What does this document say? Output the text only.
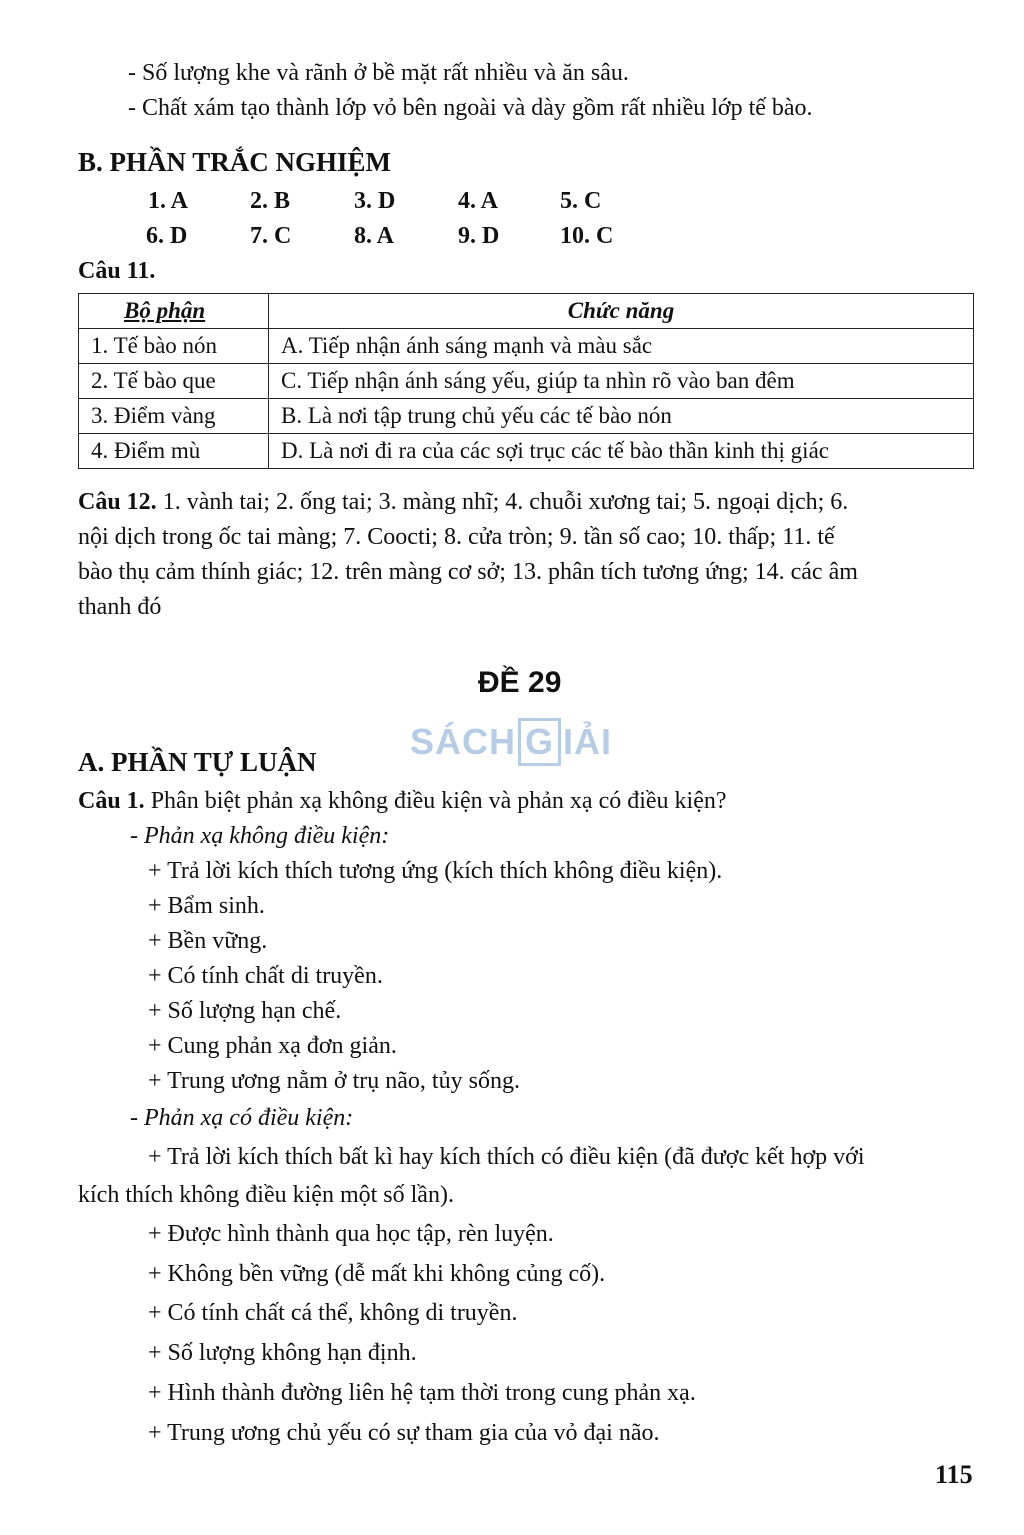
- Số lượng khe và rãnh ở bề mặt rất nhiều và ăn sâu.
- Chất xám tạo thành lớp vỏ bên ngoài và dày gồm rất nhiều lớp tế bào.
B. PHẦN TRẮC NGHIỆM
1. A	2. B	3. D	4. A	5. C
6. D	7. C	8. A	9. D	10. C
Câu 11.
Bộ phận	Chức năng
1. Tế bào nón	A. Tiếp nhận ánh sáng mạnh và màu sắc
2. Tế bào que	C. Tiếp nhận ánh sáng yếu, giúp ta nhìn rõ vào ban đêm
3. Điểm vàng	B. Là nơi tập trung chủ yếu các tế bào nón
4. Điểm mù	D. Là nơi đi ra của các sợi trục các tế bào thần kinh thị giác
Câu 12. 1. vành tai; 2. ống tai; 3. màng nhĩ; 4. chuỗi xương tai; 5. ngoại dịch; 6.
nội dịch trong ốc tai màng; 7. Coocti; 8. cửa tròn; 9. tần số cao; 10. thấp; 11. tế
bào thụ cảm thính giác; 12. trên màng cơ sở; 13. phân tích tương ứng; 14. các âm
thanh đó
ĐỀ 29
SÁCH G IẢI
A. PHẦN TỰ LUẬN
Câu 1. Phân biệt phản xạ không điều kiện và phản xạ có điều kiện?
- Phản xạ không điều kiện:
+ Trả lời kích thích tương ứng (kích thích không điều kiện).
+ Bẩm sinh.
+ Bền vững.
+ Có tính chất di truyền.
+ Số lượng hạn chế.
+ Cung phản xạ đơn giản.
+ Trung ương nằm ở trụ não, tủy sống.
- Phản xạ có điều kiện:
+ Trả lời kích thích bất kì hay kích thích có điều kiện (đã được kết hợp với
kích thích không điều kiện một số lần).
+ Được hình thành qua học tập, rèn luyện.
+ Không bền vững (dễ mất khi không củng cố).
+ Có tính chất cá thể, không di truyền.
+ Số lượng không hạn định.
+ Hình thành đường liên hệ tạm thời trong cung phản xạ.
+ Trung ương chủ yếu có sự tham gia của vỏ đại não.
115
